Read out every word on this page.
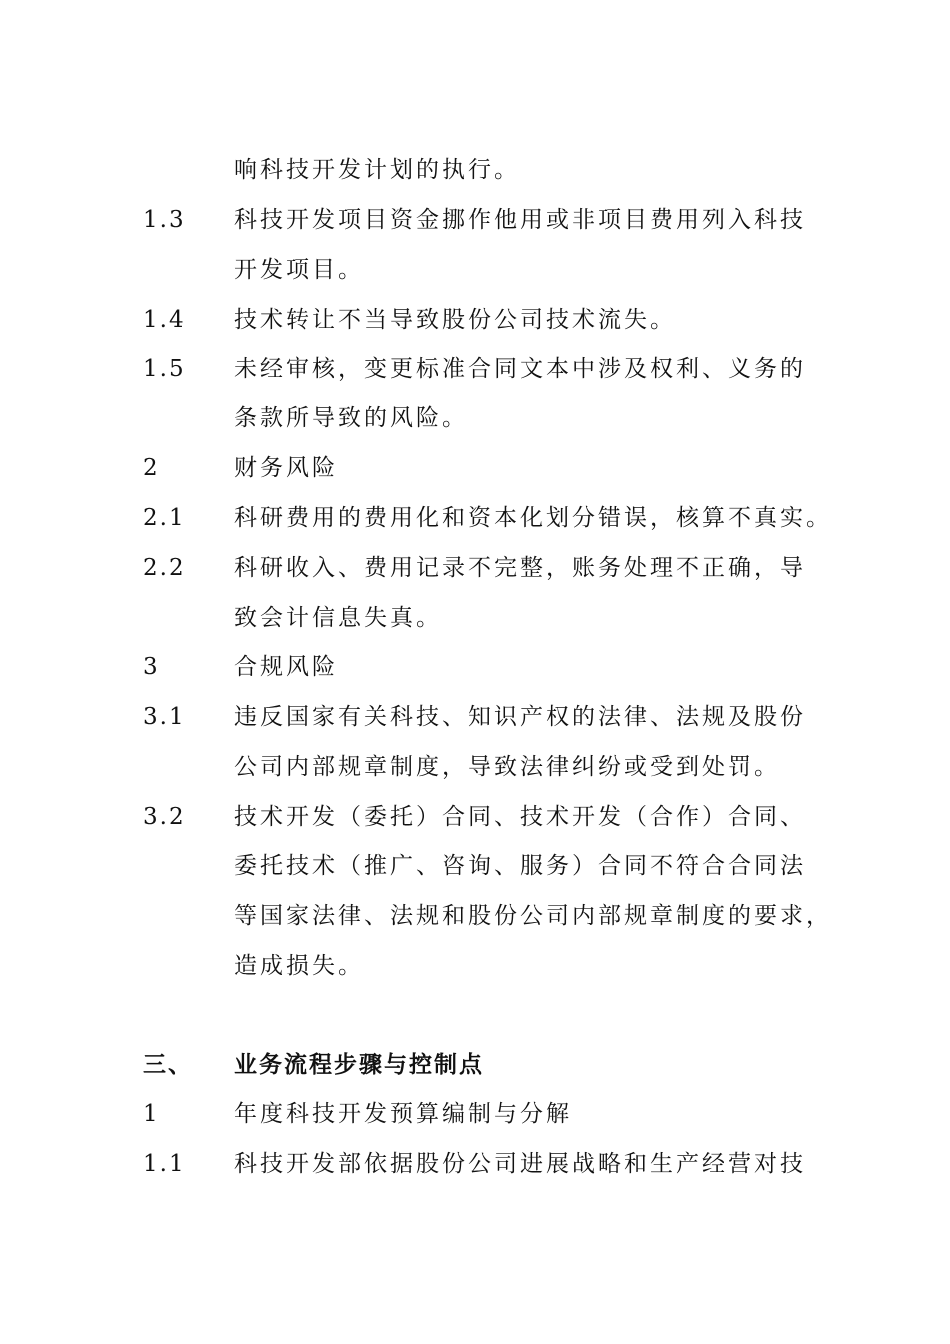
响科技开发计划的执行。
1.3	科技开发项目资金挪作他用或非项目费用列入科技
开发项目。
1.4	技术转让不当导致股份公司技术流失。
1.5	未经审核，变更标准合同文本中涉及权利、义务的
条款所导致的风险。
2	财务风险
2.1	科研费用的费用化和资本化划分错误，核算不真实。
2.2	科研收入、费用记录不完整，账务处理不正确，导
致会计信息失真。
3	合规风险
3.1	违反国家有关科技、知识产权的法律、法规及股份
公司内部规章制度，导致法律纠纷或受到处罚。
3.2	技术开发（委托）合同、技术开发（合作）合同、
委托技术（推广、咨询、服务）合同不符合合同法
等国家法律、法规和股份公司内部规章制度的要求，
造成损失。
三、	业务流程步骤与控制点
1	年度科技开发预算编制与分解
1.1	科技开发部依据股份公司进展战略和生产经营对技
